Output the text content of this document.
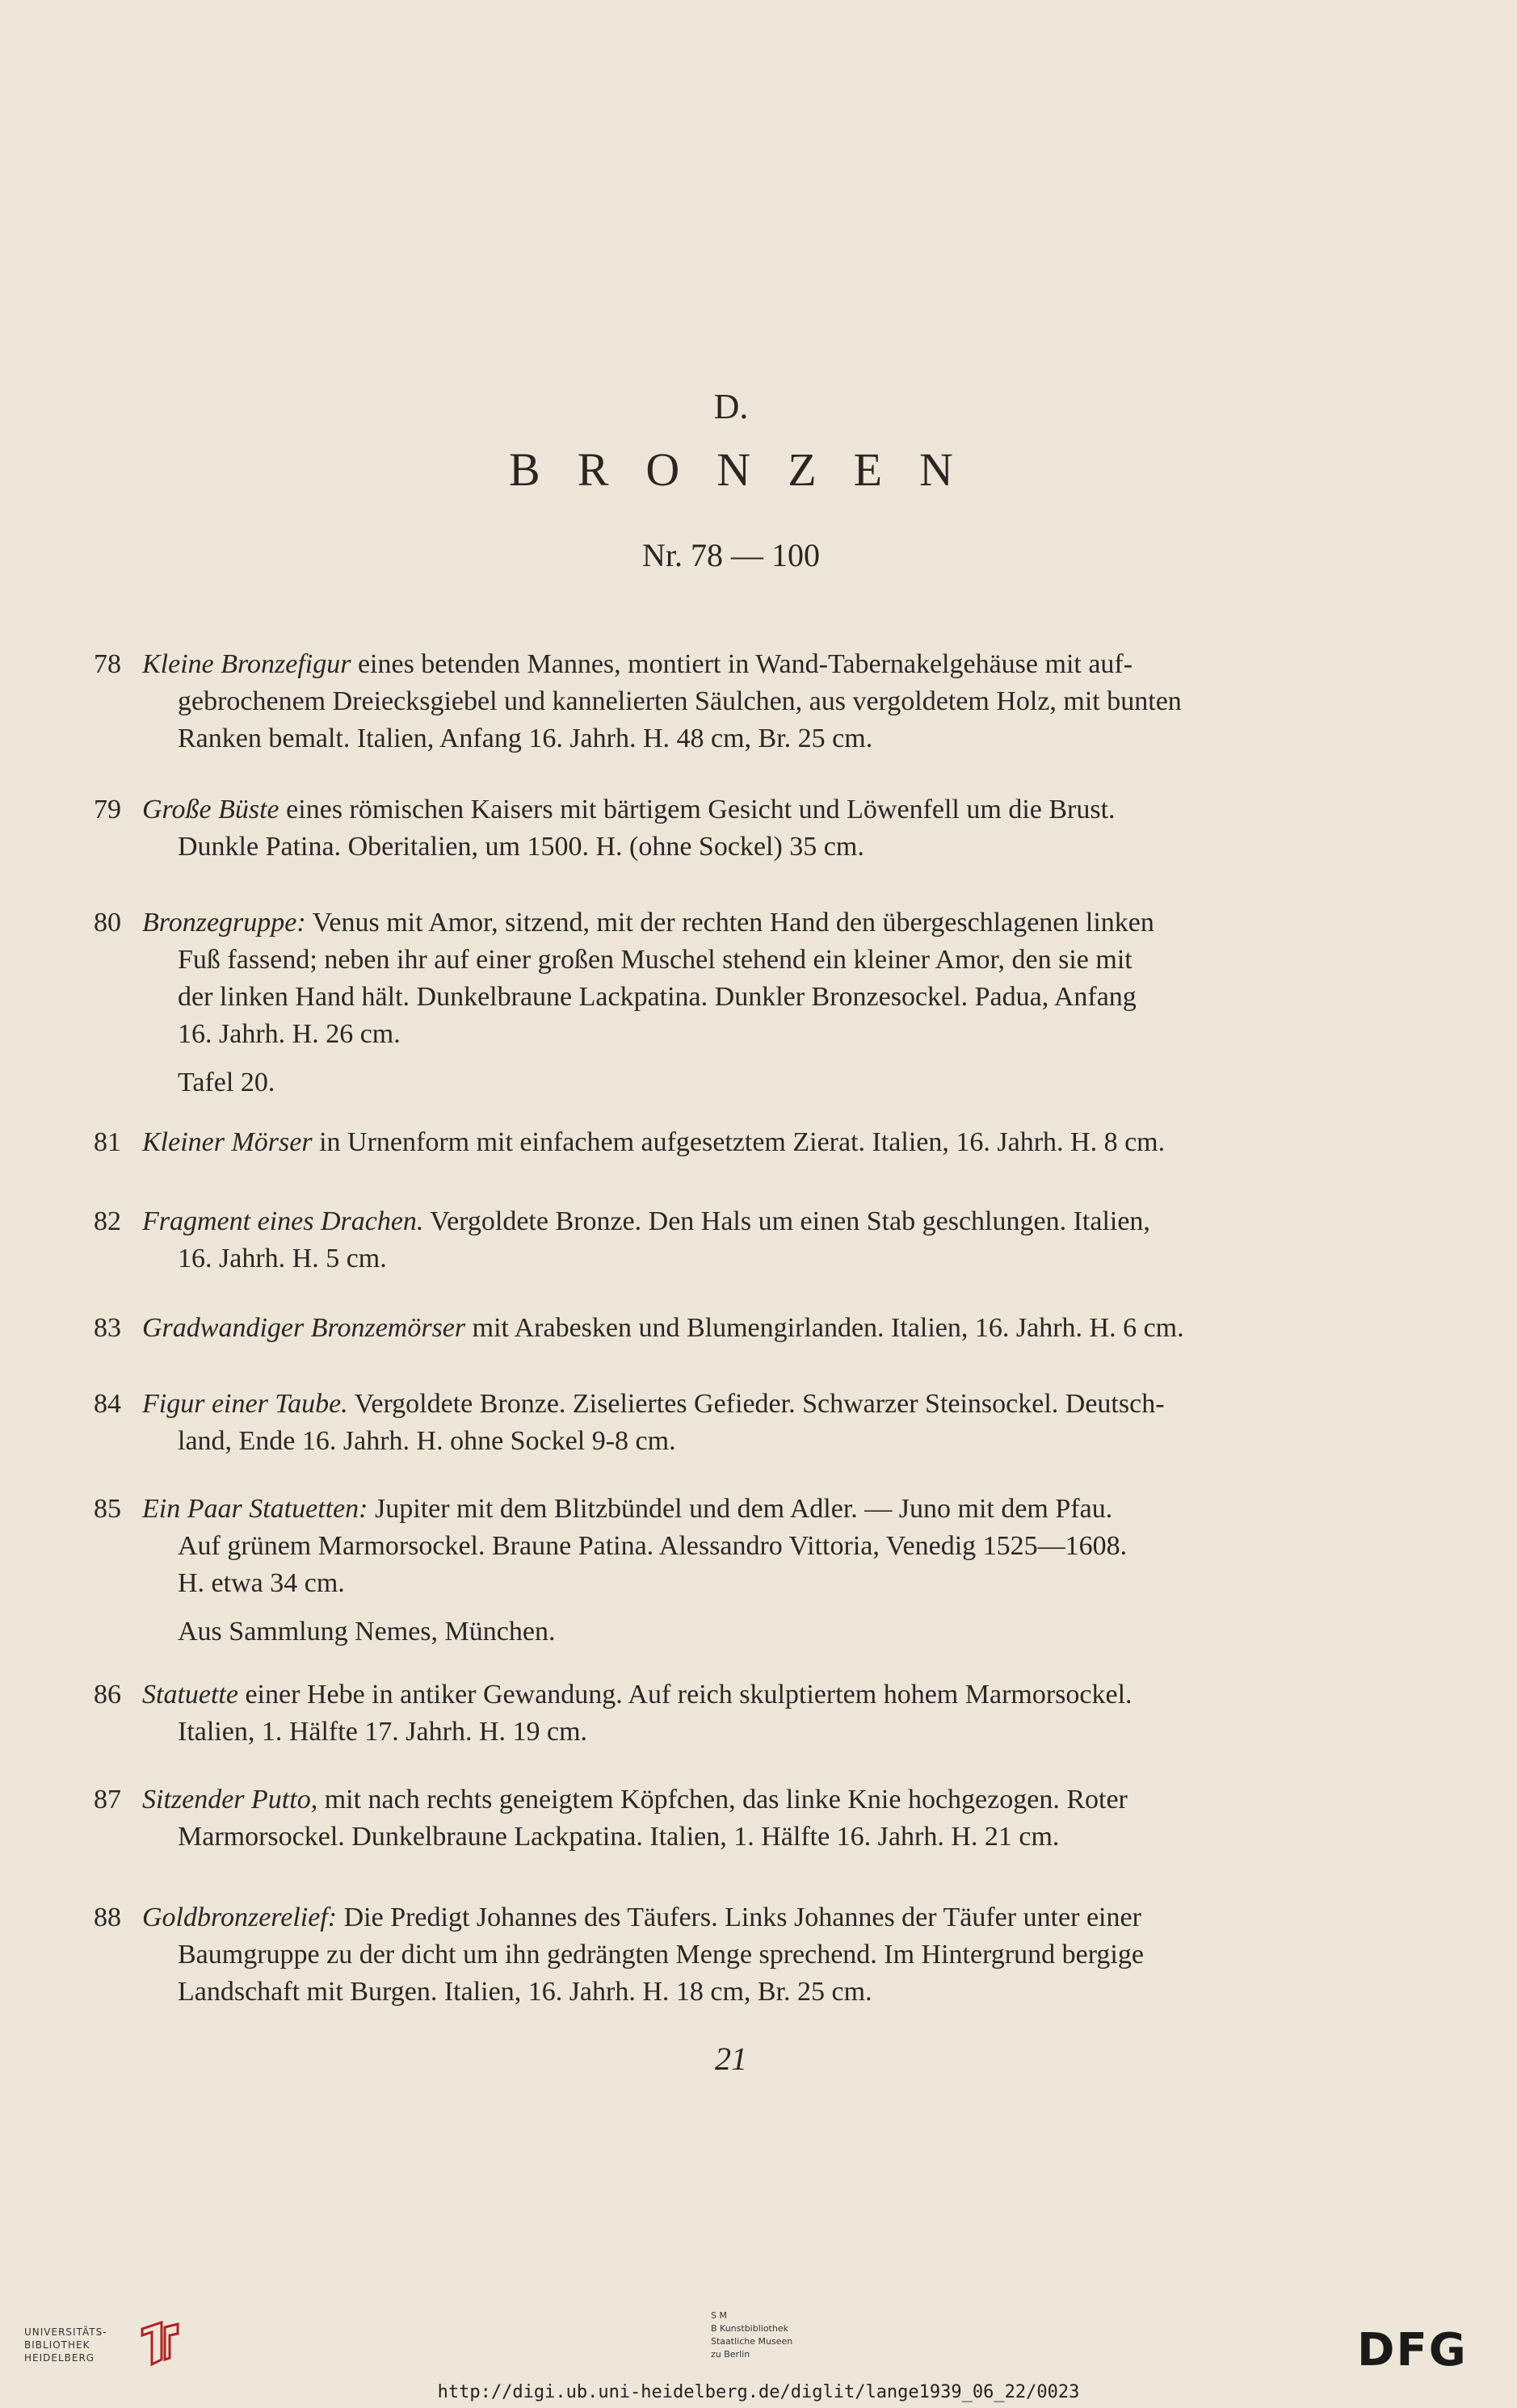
D.
BRONZEN
Nr. 78 — 100
78 Kleine Bronzefigur eines betenden Mannes, montiert in Wand-Tabernakelgehäuse mit auf-
gebrochenem Dreiecksgiebel und kannelierten Säulchen, aus vergoldetem Holz, mit bunten
Ranken bemalt. Italien, Anfang 16. Jahrh. H. 48 cm, Br. 25 cm.
79 Große Büste eines römischen Kaisers mit bärtigem Gesicht und Löwenfell um die Brust.
Dunkle Patina. Oberitalien, um 1500. H. (ohne Sockel) 35 cm.
80 Bronzegruppe: Venus mit Amor, sitzend, mit der rechten Hand den übergeschlagenen linken
Fuß fassend; neben ihr auf einer großen Muschel stehend ein kleiner Amor, den sie mit
der linken Hand hält. Dunkelbraune Lackpatina. Dunkler Bronzesockel. Padua, Anfang
16. Jahrh. H. 26 cm.
Tafel 20.
81 Kleiner Mörser in Urnenform mit einfachem aufgesetztem Zierat. Italien, 16. Jahrh. H. 8 cm.
82 Fragment eines Drachen. Vergoldete Bronze. Den Hals um einen Stab geschlungen. Italien,
16. Jahrh. H. 5 cm.
83 Gradwandiger Bronzemörser mit Arabesken und Blumengirlanden. Italien, 16. Jahrh. H. 6 cm.
84 Figur einer Taube. Vergoldete Bronze. Ziseliertes Gefieder. Schwarzer Steinsockel. Deutsch-
land, Ende 16. Jahrh. H. ohne Sockel 9-8 cm.
85 Ein Paar Statuetten: Jupiter mit dem Blitzbündel und dem Adler. — Juno mit dem Pfau.
Auf grünem Marmorsockel. Braune Patina. Alessandro Vittoria, Venedig 1525—1608.
H. etwa 34 cm.
Aus Sammlung Nemes, München.
86 Statuette einer Hebe in antiker Gewandung. Auf reich skulptiertem hohem Marmorsockel.
Italien, 1. Hälfte 17. Jahrh. H. 19 cm.
87 Sitzender Putto, mit nach rechts geneigtem Köpfchen, das linke Knie hochgezogen. Roter
Marmorsockel. Dunkelbraune Lackpatina. Italien, 1. Hälfte 16. Jahrh. H. 21 cm.
88 Goldbronzerelief: Die Predigt Johannes des Täufers. Links Johannes der Täufer unter einer
Baumgruppe zu der dicht um ihn gedrängten Menge sprechend. Im Hintergrund bergige
Landschaft mit Burgen. Italien, 16. Jahrh. H. 18 cm, Br. 25 cm.
21
UNIVERSITÄTS-
BIBLIOTHEK
HEIDELBERG
S M
B Kunstbibliothek
Staatliche Museen
zu Berlin	DFG
http://digi.ub.uni-heidelberg.de/diglit/lange1939_06_22/0023
